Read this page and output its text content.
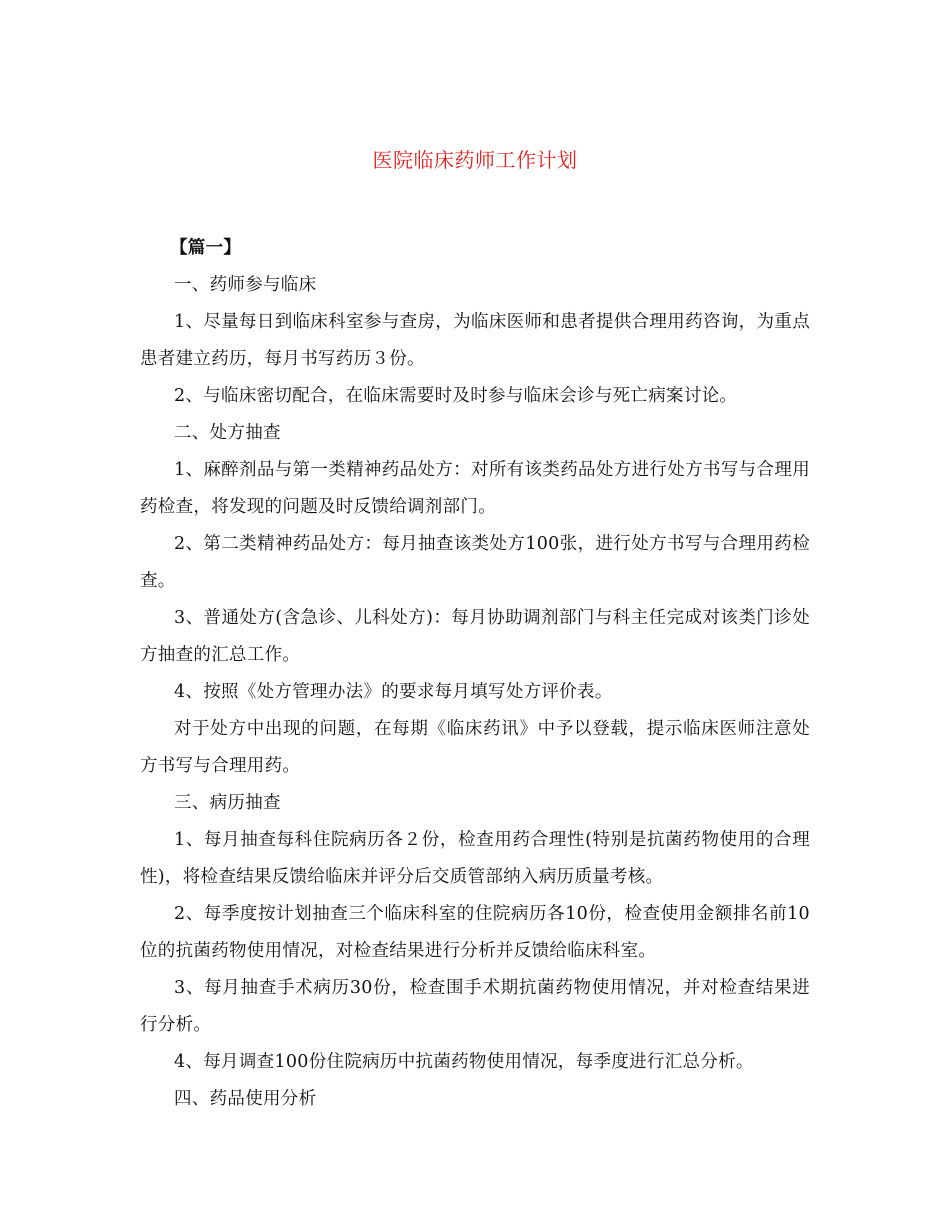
医院临床药师工作计划

【篇一】

一、药师参与临床

1、尽量每日到临床科室参与查房，为临床医师和患者提供合理用药咨询，为重点患者建立药历，每月书写药历３份。

2、与临床密切配合，在临床需要时及时参与临床会诊与死亡病案讨论。

二、处方抽查

1、麻醉剂品与第一类精神药品处方：对所有该类药品处方进行处方书写与合理用药检查，将发现的问题及时反馈给调剂部门。

2、第二类精神药品处方：每月抽查该类处方100张，进行处方书写与合理用药检查。

3、普通处方(含急诊、儿科处方)：每月协助调剂部门与科主任完成对该类门诊处方抽查的汇总工作。

4、按照《处方管理办法》的要求每月填写处方评价表。

对于处方中出现的问题，在每期《临床药讯》中予以登载，提示临床医师注意处方书写与合理用药。

三、病历抽查

1、每月抽查每科住院病历各２份，检查用药合理性(特别是抗菌药物使用的合理性)，将检查结果反馈给临床并评分后交质管部纳入病历质量考核。

2、每季度按计划抽查三个临床科室的住院病历各10份，检查使用金额排名前10位的抗菌药物使用情况，对检查结果进行分析并反馈给临床科室。

3、每月抽查手术病历30份，检查围手术期抗菌药物使用情况，并对检查结果进行分析。

4、每月调查100份住院病历中抗菌药物使用情况，每季度进行汇总分析。

四、药品使用分析
